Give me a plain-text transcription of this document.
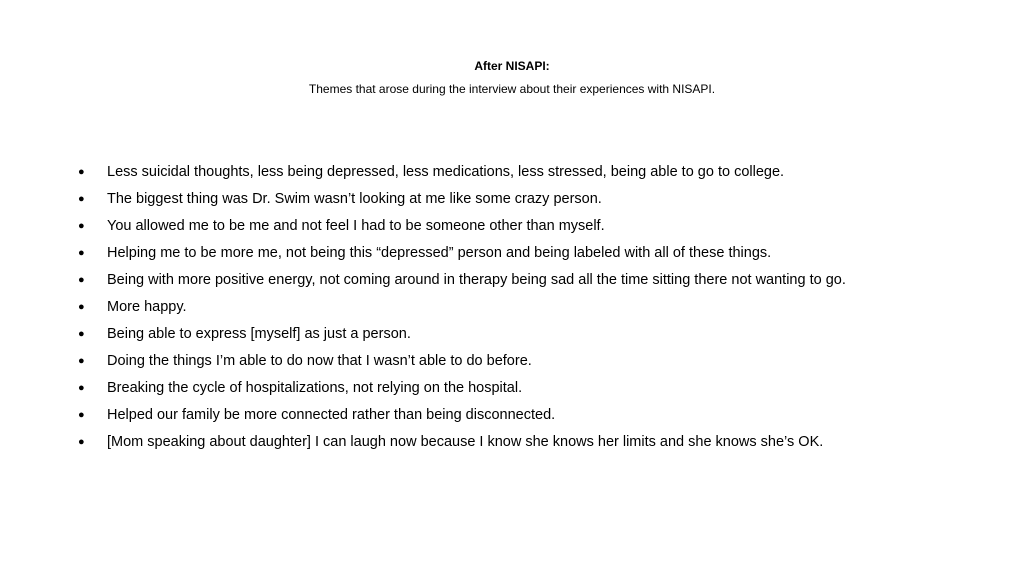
After NISAPI:
Themes that arose during the interview about their experiences with NISAPI.
● Less suicidal thoughts, less being depressed, less medications, less stressed, being able to go to college.
● The biggest thing was Dr. Swim wasn’t looking at me like some crazy person.
● You allowed me to be me and not feel I had to be someone other than myself.
● Helping me to be more me, not being this “depressed” person and being labeled with all of these things.
● Being with more positive energy, not coming around in therapy being sad all the time sitting there not wanting to go.
● More happy.
● Being able to express [myself] as just a person.
● Doing the things I’m able to do now that I wasn’t able to do before.
● Breaking the cycle of hospitalizations, not relying on the hospital.
● Helped our family be more connected rather than being disconnected.
● [Mom speaking about daughter] I can laugh now because I know she knows her limits and she knows she’s OK.
